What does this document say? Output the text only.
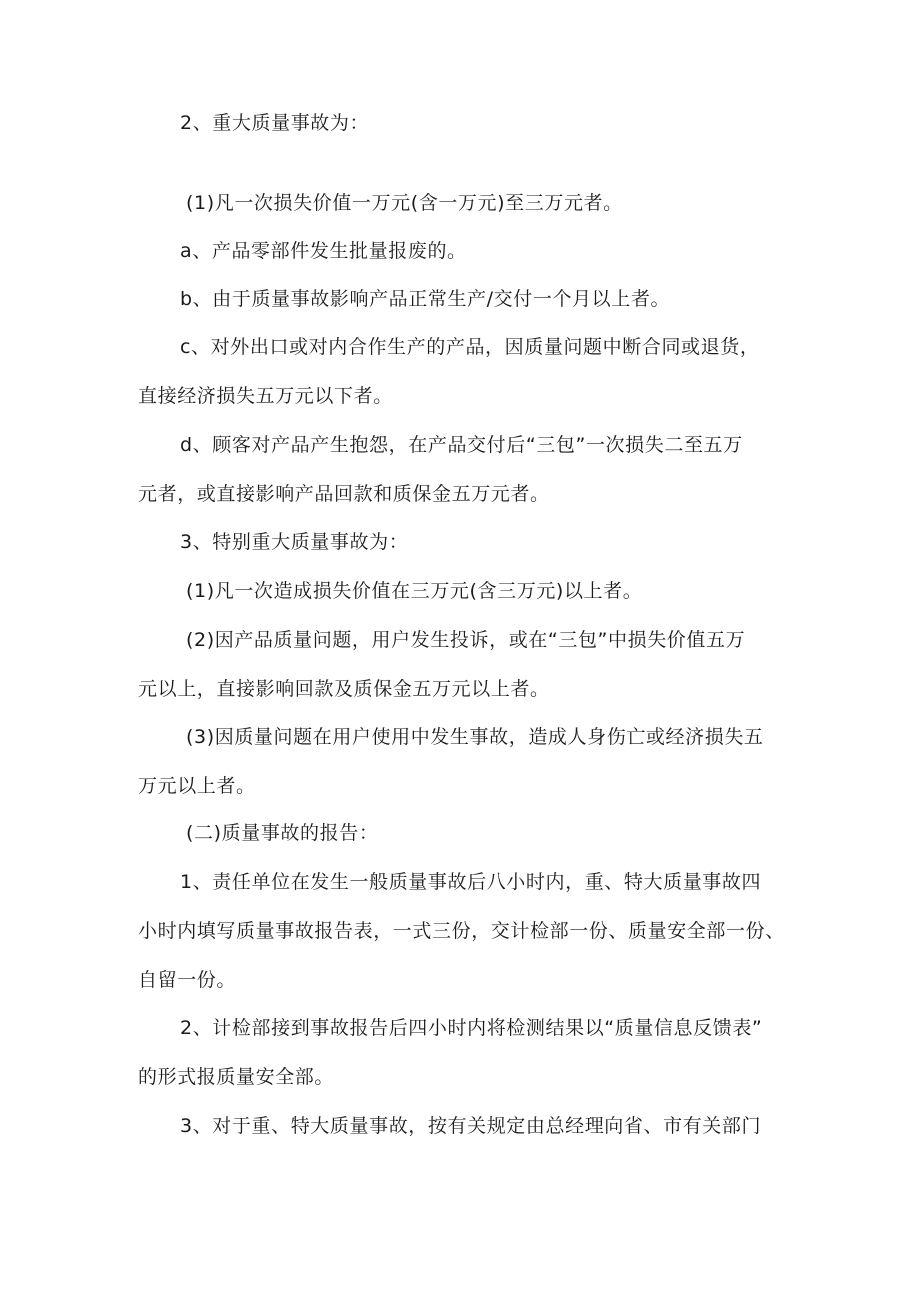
2、重大质量事故为：
(1)凡一次损失价值一万元(含一万元)至三万元者。
a、产品零部件发生批量报废的。
b、由于质量事故影响产品正常生产/交付一个月以上者。
c、对外出口或对内合作生产的产品，因质量问题中断合同或退货，
直接经济损失五万元以下者。
d、顾客对产品产生抱怨，在产品交付后“三包”一次损失二至五万
元者，或直接影响产品回款和质保金五万元者。
3、特别重大质量事故为：
(1)凡一次造成损失价值在三万元(含三万元)以上者。
(2)因产品质量问题，用户发生投诉，或在“三包”中损失价值五万
元以上，直接影响回款及质保金五万元以上者。
(3)因质量问题在用户使用中发生事故，造成人身伤亡或经济损失五
万元以上者。
(二)质量事故的报告：
1、责任单位在发生一般质量事故后八小时内，重、特大质量事故四
小时内填写质量事故报告表，一式三份，交计检部一份、质量安全部一份、
自留一份。
2、计检部接到事故报告后四小时内将检测结果以“质量信息反馈表”
的形式报质量安全部。
3、对于重、特大质量事故，按有关规定由总经理向省、市有关部门
